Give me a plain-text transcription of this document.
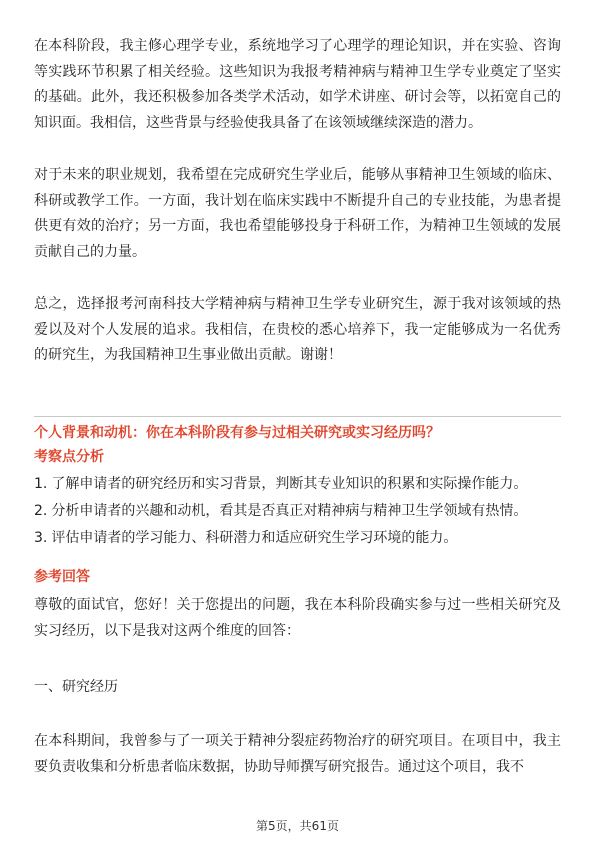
在本科阶段，我主修心理学专业，系统地学习了心理学的理论知识，并在实验、咨询等实践环节积累了相关经验。这些知识为我报考精神病与精神卫生学专业奠定了坚实的基础。此外，我还积极参加各类学术活动，如学术讲座、研讨会等，以拓宽自己的知识面。我相信，这些背景与经验使我具备了在该领域继续深造的潜力。

对于未来的职业规划，我希望在完成研究生学业后，能够从事精神卫生领域的临床、科研或教学工作。一方面，我计划在临床实践中不断提升自己的专业技能，为患者提供更有效的治疗；另一方面，我也希望能够投身于科研工作，为精神卫生领域的发展贡献自己的力量。

总之，选择报考河南科技大学精神病与精神卫生学专业研究生，源于我对该领域的热爱以及对个人发展的追求。我相信，在贵校的悉心培养下，我一定能够成为一名优秀的研究生，为我国精神卫生事业做出贡献。谢谢！

个人背景和动机：你在本科阶段有参与过相关研究或实习经历吗？

考察点分析

1. 了解申请者的研究经历和实习背景，判断其专业知识的积累和实际操作能力。
2. 分析申请者的兴趣和动机，看其是否真正对精神病与精神卫生学领域有热情。
3. 评估申请者的学习能力、科研潜力和适应研究生学习环境的能力。

参考回答

尊敬的面试官，您好！关于您提出的问题，我在本科阶段确实参与过一些相关研究及实习经历，以下是我对这两个维度的回答：

一、研究经历

在本科期间，我曾参与了一项关于精神分裂症药物治疗的研究项目。在项目中，我主要负责收集和分析患者临床数据，协助导师撰写研究报告。通过这个项目，我不

第5页，共61页
